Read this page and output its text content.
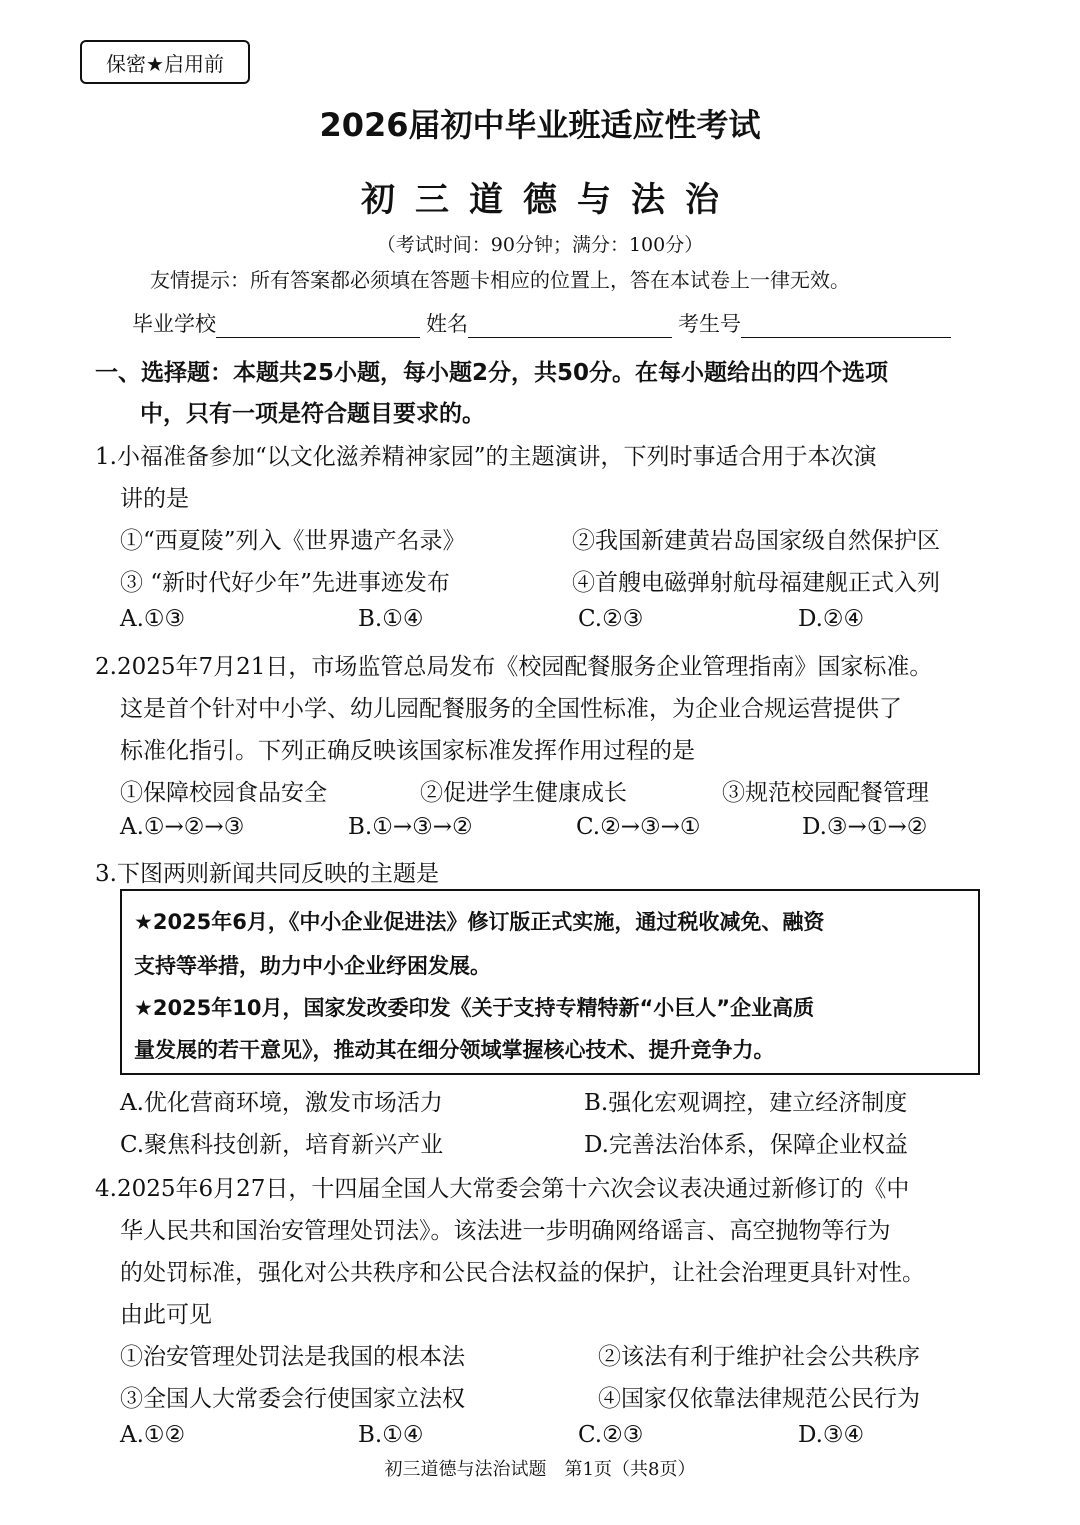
保密★启用前
2026届初中毕业班适应性考试
初三道德与法治
（考试时间：90分钟；满分：100分）
友情提示：所有答案都必须填在答题卡相应的位置上，答在本试卷上一律无效。
毕业学校	姓名	考生号
一、选择题：本题共25小题，每小题2分，共50分。在每小题给出的四个选项
中，只有一项是符合题目要求的。
1.小福准备参加“以文化滋养精神家园”的主题演讲，下列时事适合用于本次演
讲的是
①“西夏陵”列入《世界遗产名录》	②我国新建黄岩岛国家级自然保护区
③ “新时代好少年”先进事迹发布	④首艘电磁弹射航母福建舰正式入列
A.①③	B.①④	C.②③	D.②④
2.2025年7月21日，市场监管总局发布《校园配餐服务企业管理指南》国家标准。
这是首个针对中小学、幼儿园配餐服务的全国性标准，为企业合规运营提供了
标准化指引。下列正确反映该国家标准发挥作用过程的是
①保障校园食品安全	②促进学生健康成长	③规范校园配餐管理
A.①→②→③	B.①→③→②	C.②→③→①	D.③→①→②
3.下图两则新闻共同反映的主题是
★2025年6月，《中小企业促进法》修订版正式实施，通过税收减免、融资
支持等举措，助力中小企业纾困发展。
★2025年10月，国家发改委印发《关于支持专精特新“小巨人”企业高质
量发展的若干意见》，推动其在细分领域掌握核心技术、提升竞争力。
A.优化营商环境，激发市场活力	B.强化宏观调控，建立经济制度
C.聚焦科技创新，培育新兴产业	D.完善法治体系，保障企业权益
4.2025年6月27日，十四届全国人大常委会第十六次会议表决通过新修订的《中
华人民共和国治安管理处罚法》。该法进一步明确网络谣言、高空抛物等行为
的处罚标准，强化对公共秩序和公民合法权益的保护，让社会治理更具针对性。
由此可见
①治安管理处罚法是我国的根本法	②该法有利于维护社会公共秩序
③全国人大常委会行使国家立法权	④国家仅依靠法律规范公民行为
A.①②	B.①④	C.②③	D.③④
初三道德与法治试题　第1页（共8页）
